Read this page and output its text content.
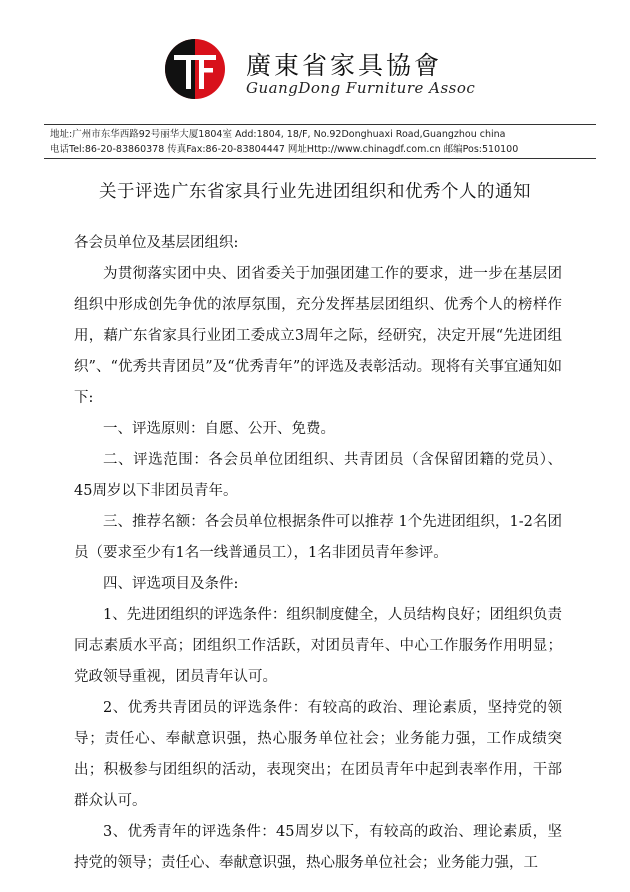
廣東省家具協會
GuangDong Furniture Assoc
地址:广州市东华西路92号丽华大厦1804室 Add:1804, 18/F, No.92Donghuaxi Road,Guangzhou china
电话Tel:86-20-83860378 传真Fax:86-20-83804447 网址Http://www.chinagdf.com.cn 邮编Pos:510100
关于评选广东省家具行业先进团组织和优秀个人的通知

各会员单位及基层团组织:

为贯彻落实团中央、团省委关于加强团建工作的要求，进一步在基层团组织中形成创先争优的浓厚氛围，充分发挥基层团组织、优秀个人的榜样作用，藉广东省家具行业团工委成立3周年之际，经研究，决定开展“先进团组织”、“优秀共青团员”及“优秀青年”的评选及表彰活动。现将有关事宜通知如下:

一、评选原则：自愿、公开、免费。

二、评选范围：各会员单位团组织、共青团员（含保留团籍的党员）、45周岁以下非团员青年。

三、推荐名额：各会员单位根据条件可以推荐 1个先进团组织，1-2名团员（要求至少有1名一线普通员工），1名非团员青年参评。

四、评选项目及条件:

1、先进团组织的评选条件：组织制度健全，人员结构良好；团组织负责同志素质水平高；团组织工作活跃，对团员青年、中心工作服务作用明显；党政领导重视，团员青年认可。

2、优秀共青团员的评选条件：有较高的政治、理论素质，坚持党的领导；责任心、奉献意识强，热心服务单位社会；业务能力强，工作成绩突出；积极参与团组织的活动，表现突出；在团员青年中起到表率作用，干部群众认可。

3、优秀青年的评选条件：45周岁以下，有较高的政治、理论素质，坚持党的领导；责任心、奉献意识强，热心服务单位社会；业务能力强，工
